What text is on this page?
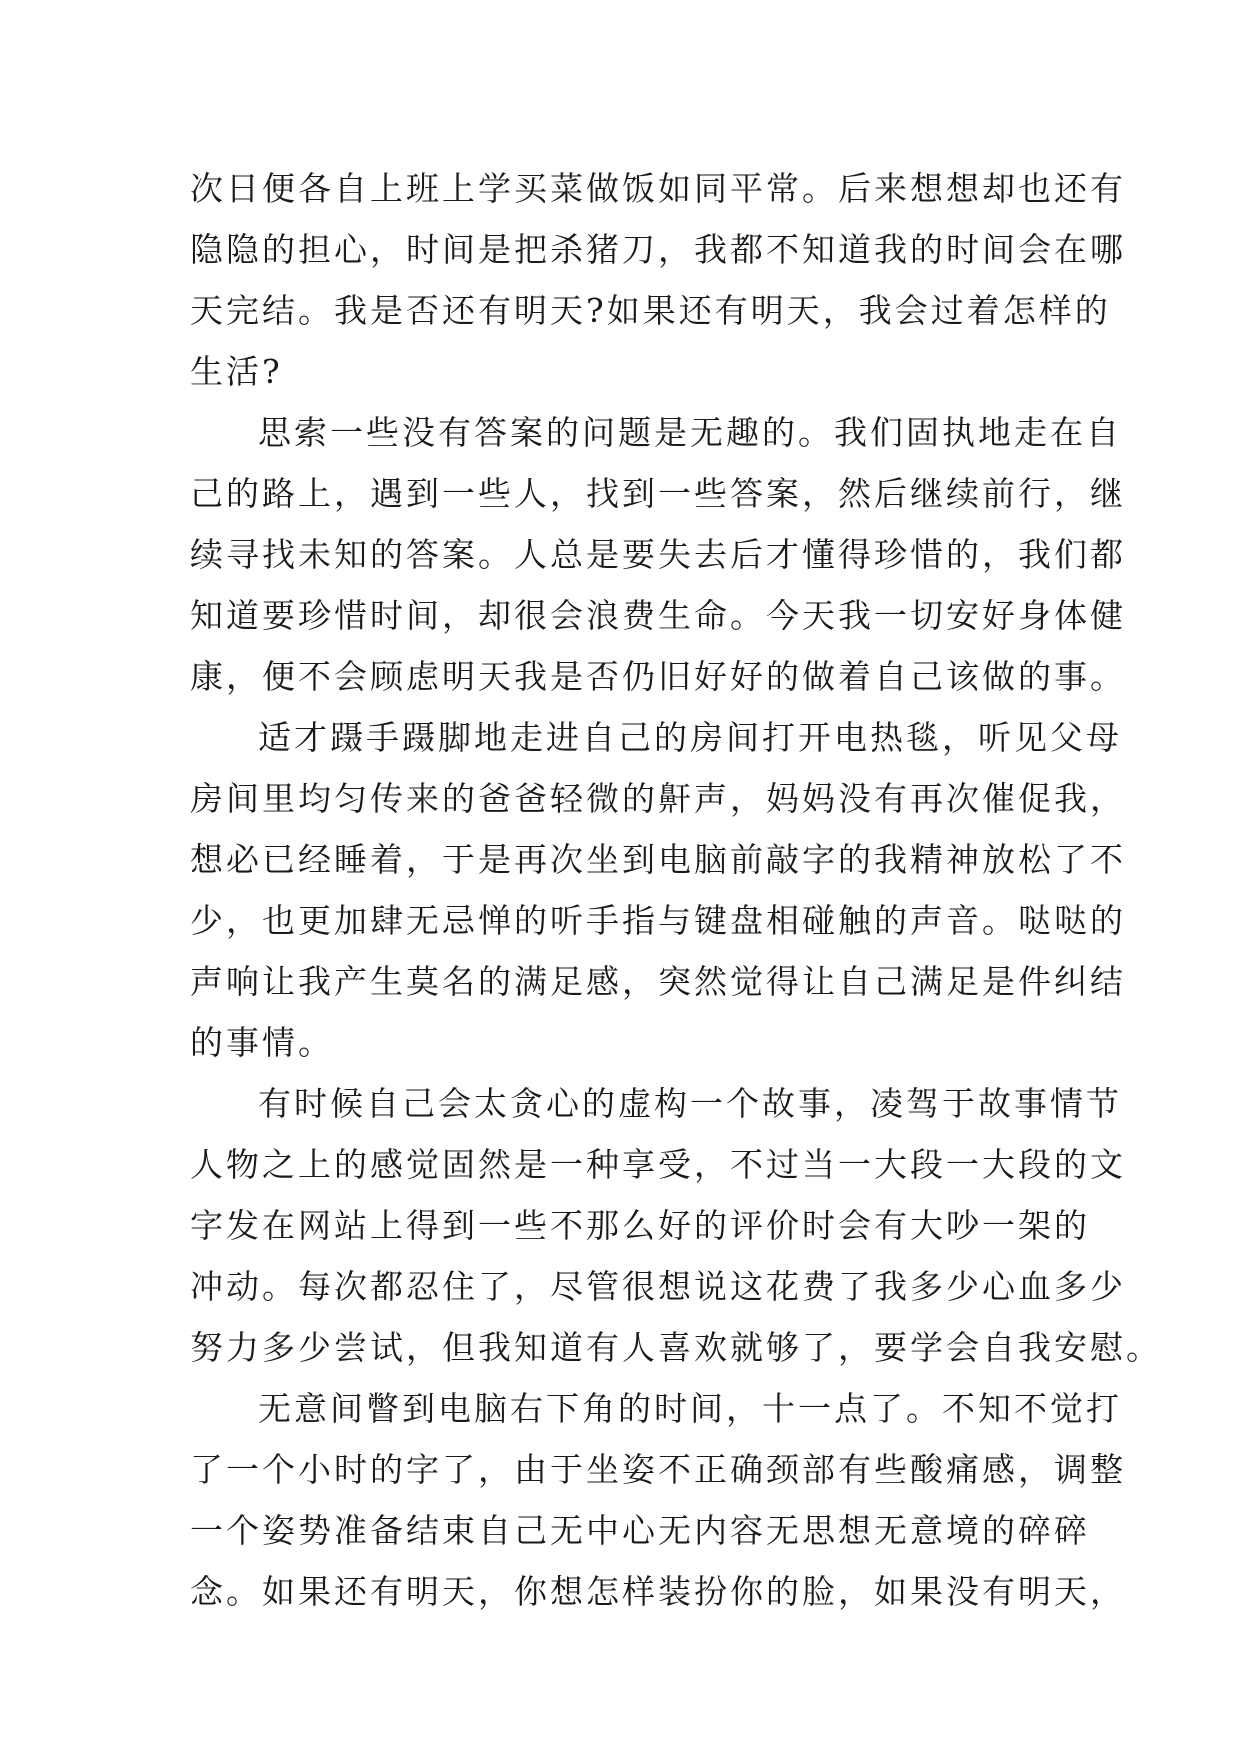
次日便各自上班上学买菜做饭如同平常。后来想想却也还有
隐隐的担心，时间是把杀猪刀，我都不知道我的时间会在哪
天完结。我是否还有明天?如果还有明天，我会过着怎样的
生活?
思索一些没有答案的问题是无趣的。我们固执地走在自
己的路上，遇到一些人，找到一些答案，然后继续前行，继
续寻找未知的答案。人总是要失去后才懂得珍惜的，我们都
知道要珍惜时间，却很会浪费生命。今天我一切安好身体健
康，便不会顾虑明天我是否仍旧好好的做着自己该做的事。
适才蹑手蹑脚地走进自己的房间打开电热毯，听见父母
房间里均匀传来的爸爸轻微的鼾声，妈妈没有再次催促我，
想必已经睡着，于是再次坐到电脑前敲字的我精神放松了不
少，也更加肆无忌惮的听手指与键盘相碰触的声音。哒哒的
声响让我产生莫名的满足感，突然觉得让自己满足是件纠结
的事情。
有时候自己会太贪心的虚构一个故事，凌驾于故事情节
人物之上的感觉固然是一种享受，不过当一大段一大段的文
字发在网站上得到一些不那么好的评价时会有大吵一架的
冲动。每次都忍住了，尽管很想说这花费了我多少心血多少
努力多少尝试，但我知道有人喜欢就够了，要学会自我安慰。
无意间瞥到电脑右下角的时间，十一点了。不知不觉打
了一个小时的字了，由于坐姿不正确颈部有些酸痛感，调整
一个姿势准备结束自己无中心无内容无思想无意境的碎碎
念。如果还有明天，你想怎样装扮你的脸，如果没有明天，
